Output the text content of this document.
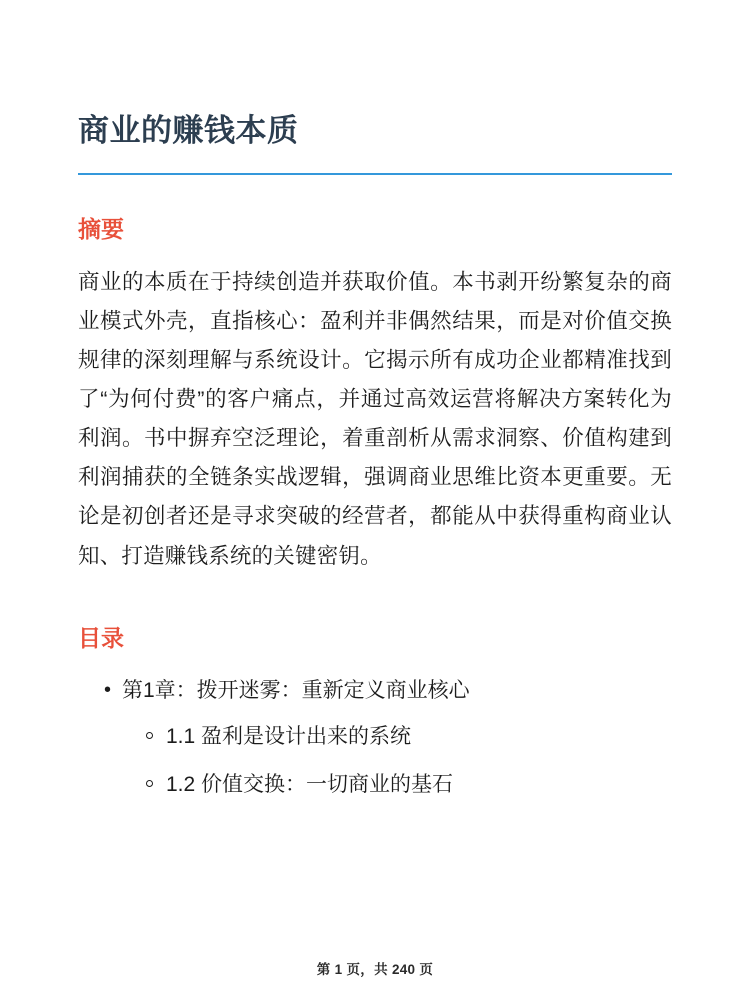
商业的赚钱本质
摘要

商业的本质在于持续创造并获取价值。本书剥开纷繁复杂的商业模式外壳，直指核心：盈利并非偶然结果，而是对价值交换规律的深刻理解与系统设计。它揭示所有成功企业都精准找到了“为何付费”的客户痛点，并通过高效运营将解决方案转化为利润。书中摒弃空泛理论，着重剖析从需求洞察、价值构建到利润捕获的全链条实战逻辑，强调商业思维比资本更重要。无论是初创者还是寻求突破的经营者，都能从中获得重构商业认知、打造赚钱系统的关键密钥。

目录
• 第1章：拨开迷雾：重新定义商业核心
1.1 盈利是设计出来的系统
1.2 价值交换：一切商业的基石
第 1 页，共 240 页
